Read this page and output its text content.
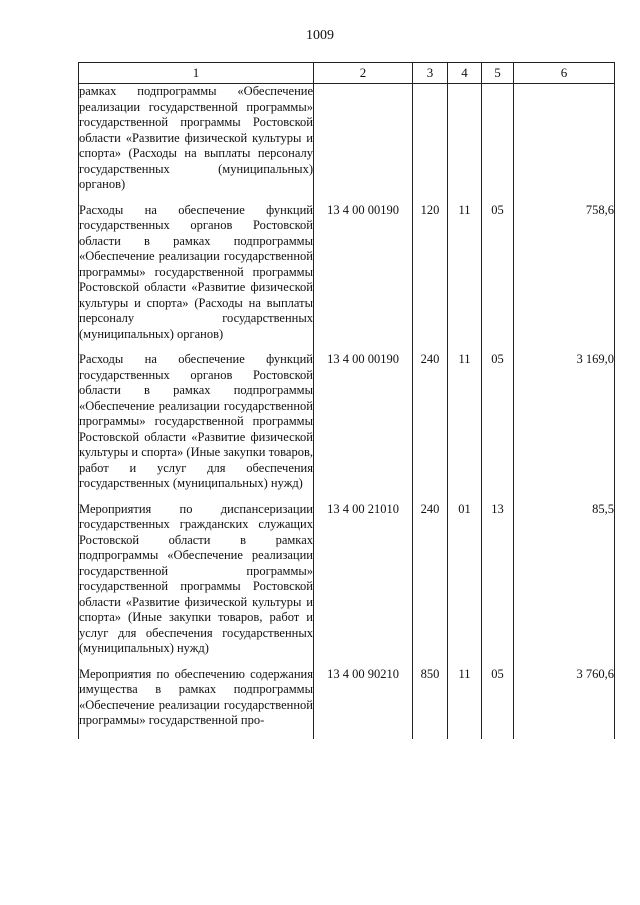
1009
1	2	3	4	5	6
рамках подпрограммы «Обеспечение реализации государственной программы» государственной программы Ростовской области «Развитие физической культуры и спорта» (Расходы на выплаты персоналу государственных (муниципальных) органов)					
Расходы на обеспечение функций государственных органов Ростовской области в рамках подпрограммы «Обеспечение реализации государственной программы» государственной программы Ростовской области «Развитие физической культуры и спорта» (Расходы на выплаты персоналу государственных (муниципальных) органов)	13 4 00 00190	120	11	05	758,6
Расходы на обеспечение функций государственных органов Ростовской области в рамках подпрограммы «Обеспечение реализации государственной программы» государственной программы Ростовской области «Развитие физической культуры и спорта» (Иные закупки товаров, работ и услуг для обеспечения государственных (муниципальных) нужд)	13 4 00 00190	240	11	05	3 169,0
Мероприятия по диспансеризации государственных гражданских служащих Ростовской области в рамках подпрограммы «Обеспечение реализации государственной программы» государственной программы Ростовской области «Развитие физической культуры и спорта» (Иные закупки товаров, работ и услуг для обеспечения государственных (муниципальных) нужд)	13 4 00 21010	240	01	13	85,5
Мероприятия по обеспечению содержания имущества в рамках подпрограммы «Обеспечение реализации государственной программы» государственной про-	13 4 00 90210	850	11	05	3 760,6
